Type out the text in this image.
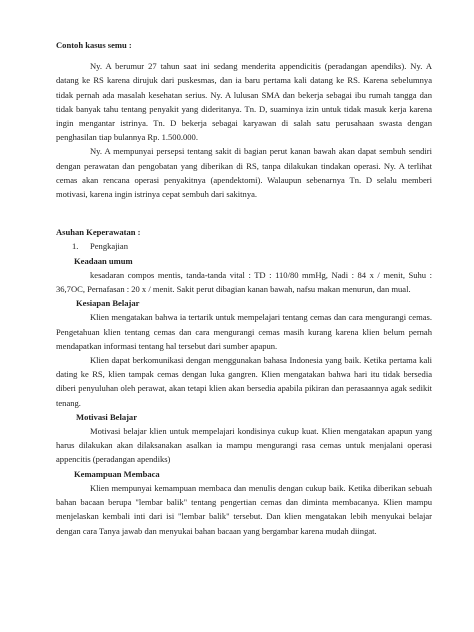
Contoh kasus semu :

Ny. A berumur 27 tahun saat ini sedang menderita appendicitis (peradangan apendiks). Ny. A datang ke RS karena dirujuk dari puskesmas, dan ia baru pertama kali datang ke RS. Karena sebelumnya tidak pernah ada masalah kesehatan serius. Ny. A lulusan SMA dan bekerja sebagai ibu rumah tangga dan tidak banyak tahu tentang penyakit yang dideritanya. Tn. D, suaminya izin untuk tidak masuk kerja karena ingin mengantar istrinya. Tn. D bekerja sebagai karyawan di salah satu perusahaan swasta dengan penghasilan tiap bulannya Rp. 1.500.000.

Ny. A mempunyai persepsi tentang sakit di bagian perut kanan bawah akan dapat sembuh sendiri dengan perawatan dan pengobatan yang diberikan di RS, tanpa dilakukan tindakan operasi. Ny. A terlihat cemas akan rencana operasi penyakitnya (apendektomi). Walaupun sebenarnya Tn. D selalu memberi motivasi, karena ingin istrinya cepat sembuh dari sakitnya.

Asuhan Keperawatan :

1.	Pengkajian

Keadaan umum

kesadaran compos mentis, tanda-tanda vital : TD : 110/80 mmHg, Nadi : 84 x / menit, Suhu : 36,7OC, Pernafasan : 20 x / menit. Sakit perut dibagian kanan bawah, nafsu makan menurun, dan mual.

Kesiapan Belajar

Klien mengatakan bahwa ia tertarik untuk mempelajari tentang cemas dan cara mengurangi cemas. Pengetahuan klien tentang cemas dan cara mengurangi cemas masih kurang karena klien belum pernah mendapatkan informasi tentang hal tersebut dari sumber apapun.

Klien dapat berkomunikasi dengan menggunakan bahasa Indonesia yang baik. Ketika pertama kali dating ke RS, klien tampak cemas dengan luka gangren. Klien mengatakan bahwa hari itu tidak bersedia diberi penyuluhan oleh perawat, akan tetapi klien akan bersedia apabila pikiran dan perasaannya agak sedikit tenang.

Motivasi Belajar

Motivasi belajar klien untuk mempelajari kondisinya cukup kuat. Klien mengatakan apapun yang harus dilakukan akan dilaksanakan asalkan ia mampu mengurangi rasa cemas untuk menjalani operasi appencitis (peradangan apendiks)

Kemampuan Membaca

Klien mempunyai kemampuan membaca dan menulis dengan cukup baik. Ketika diberikan sebuah bahan bacaan berupa "lembar balik" tentang pengertian cemas dan diminta membacanya. Klien mampu menjelaskan kembali inti dari isi "lembar balik" tersebut. Dan klien mengatakan lebih menyukai belajar dengan cara Tanya jawab dan menyukai bahan bacaan yang bergambar karena mudah diingat.
